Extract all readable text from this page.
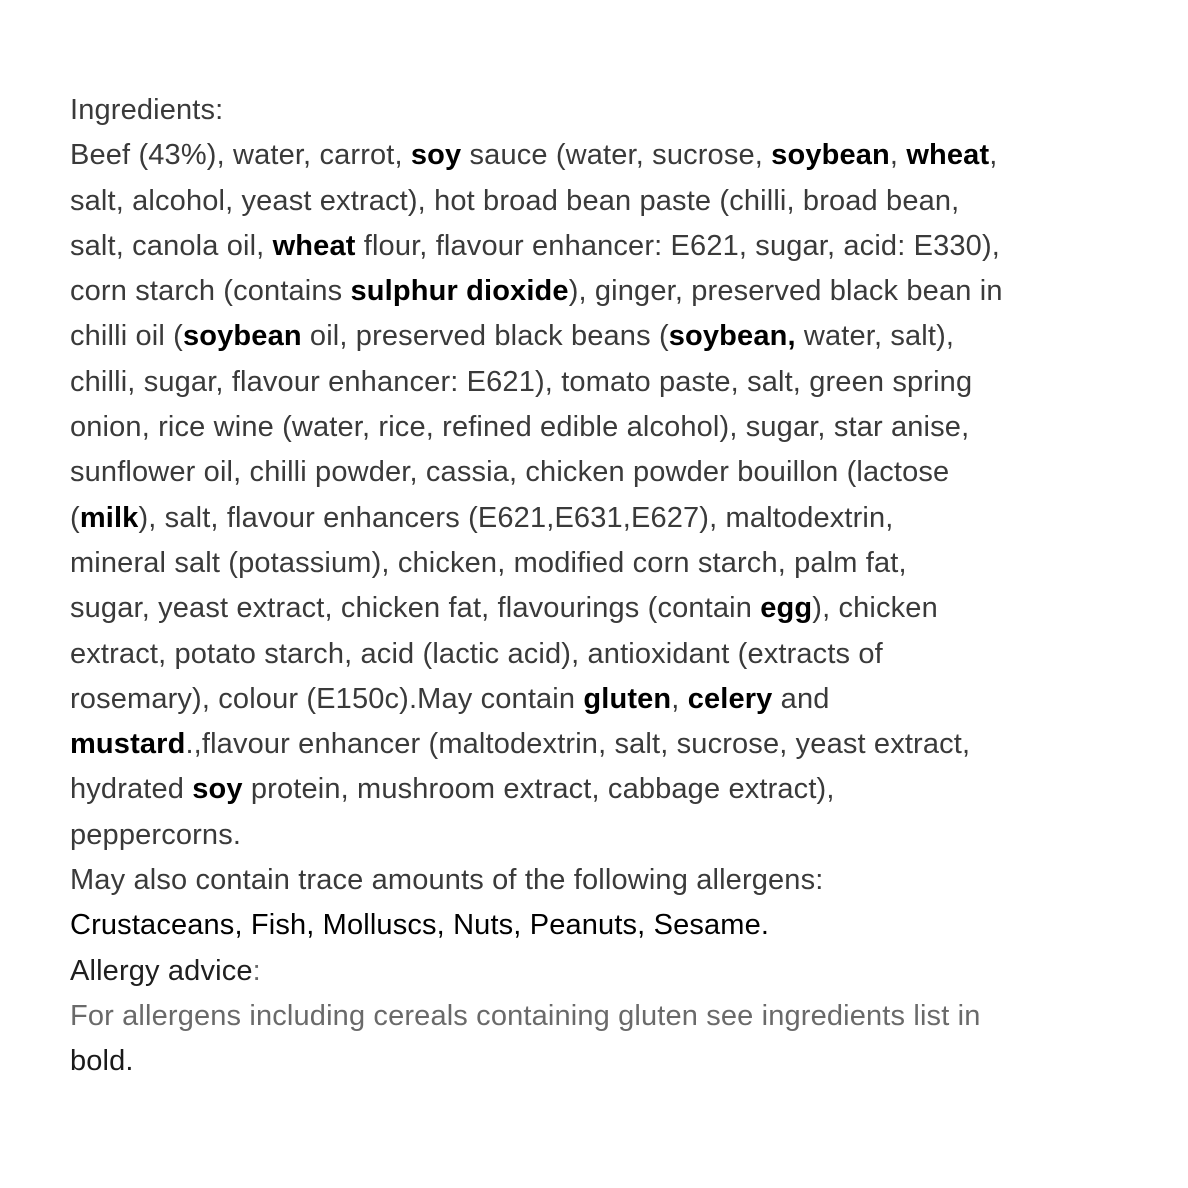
Ingredients:
Beef (43%), water, carrot, soy sauce (water, sucrose, soybean, wheat,
salt, alcohol, yeast extract), hot broad bean paste (chilli, broad bean,
salt, canola oil, wheat flour, flavour enhancer: E621, sugar, acid: E330),
corn starch (contains sulphur dioxide), ginger, preserved black bean in
chilli oil (soybean oil, preserved black beans (soybean, water, salt),
chilli, sugar, flavour enhancer: E621), tomato paste, salt, green spring
onion, rice wine (water, rice, refined edible alcohol), sugar, star anise,
sunflower oil, chilli powder, cassia, chicken powder bouillon (lactose
(milk), salt, flavour enhancers (E621,E631,E627), maltodextrin,
mineral salt (potassium), chicken, modified corn starch, palm fat,
sugar, yeast extract, chicken fat, flavourings (contain egg), chicken
extract, potato starch, acid (lactic acid), antioxidant (extracts of
rosemary), colour (E150c).May contain gluten, celery and
mustard.,flavour enhancer (maltodextrin, salt, sucrose, yeast extract,
hydrated soy protein, mushroom extract, cabbage extract),
peppercorns.
May also contain trace amounts of the following allergens:
Crustaceans, Fish, Molluscs, Nuts, Peanuts, Sesame.
Allergy advice:
For allergens including cereals containing gluten see ingredients list in
bold.
